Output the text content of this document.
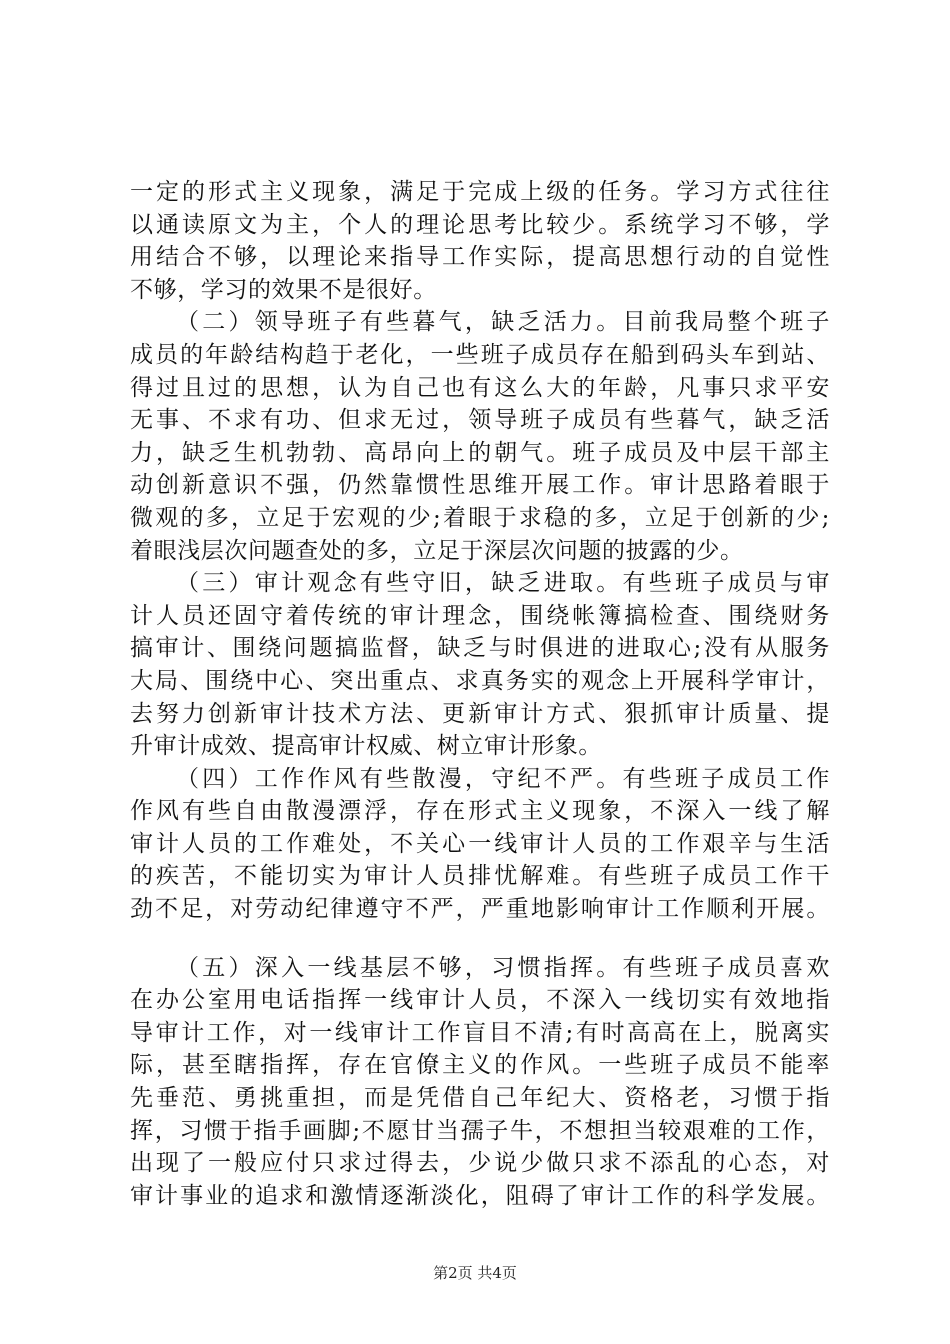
一定的形式主义现象，满足于完成上级的任务。学习方式往往
以通读原文为主，个人的理论思考比较少。系统学习不够，学
用结合不够，以理论来指导工作实际，提高思想行动的自觉性
不够，学习的效果不是很好。
（二）领导班子有些暮气，缺乏活力。目前我局整个班子
成员的年龄结构趋于老化，一些班子成员存在船到码头车到站、
得过且过的思想，认为自己也有这么大的年龄，凡事只求平安
无事、不求有功、但求无过，领导班子成员有些暮气，缺乏活
力，缺乏生机勃勃、高昂向上的朝气。班子成员及中层干部主
动创新意识不强，仍然靠惯性思维开展工作。审计思路着眼于
微观的多，立足于宏观的少;着眼于求稳的多，立足于创新的少;
着眼浅层次问题查处的多，立足于深层次问题的披露的少。
（三）审计观念有些守旧，缺乏进取。有些班子成员与审
计人员还固守着传统的审计理念，围绕帐簿搞检查、围绕财务
搞审计、围绕问题搞监督，缺乏与时俱进的进取心;没有从服务
大局、围绕中心、突出重点、求真务实的观念上开展科学审计，
去努力创新审计技术方法、更新审计方式、狠抓审计质量、提
升审计成效、提高审计权威、树立审计形象。
（四）工作作风有些散漫，守纪不严。有些班子成员工作
作风有些自由散漫漂浮，存在形式主义现象，不深入一线了解
审计人员的工作难处，不关心一线审计人员的工作艰辛与生活
的疾苦，不能切实为审计人员排忧解难。有些班子成员工作干
劲不足，对劳动纪律遵守不严，严重地影响审计工作顺利开展。
（五）深入一线基层不够，习惯指挥。有些班子成员喜欢
在办公室用电话指挥一线审计人员，不深入一线切实有效地指
导审计工作，对一线审计工作盲目不清;有时高高在上，脱离实
际，甚至瞎指挥，存在官僚主义的作风。一些班子成员不能率
先垂范、勇挑重担，而是凭借自己年纪大、资格老，习惯于指
挥，习惯于指手画脚;不愿甘当孺子牛，不想担当较艰难的工作，
出现了一般应付只求过得去，少说少做只求不添乱的心态，对
审计事业的追求和激情逐渐淡化，阻碍了审计工作的科学发展。
第2页 共4页
